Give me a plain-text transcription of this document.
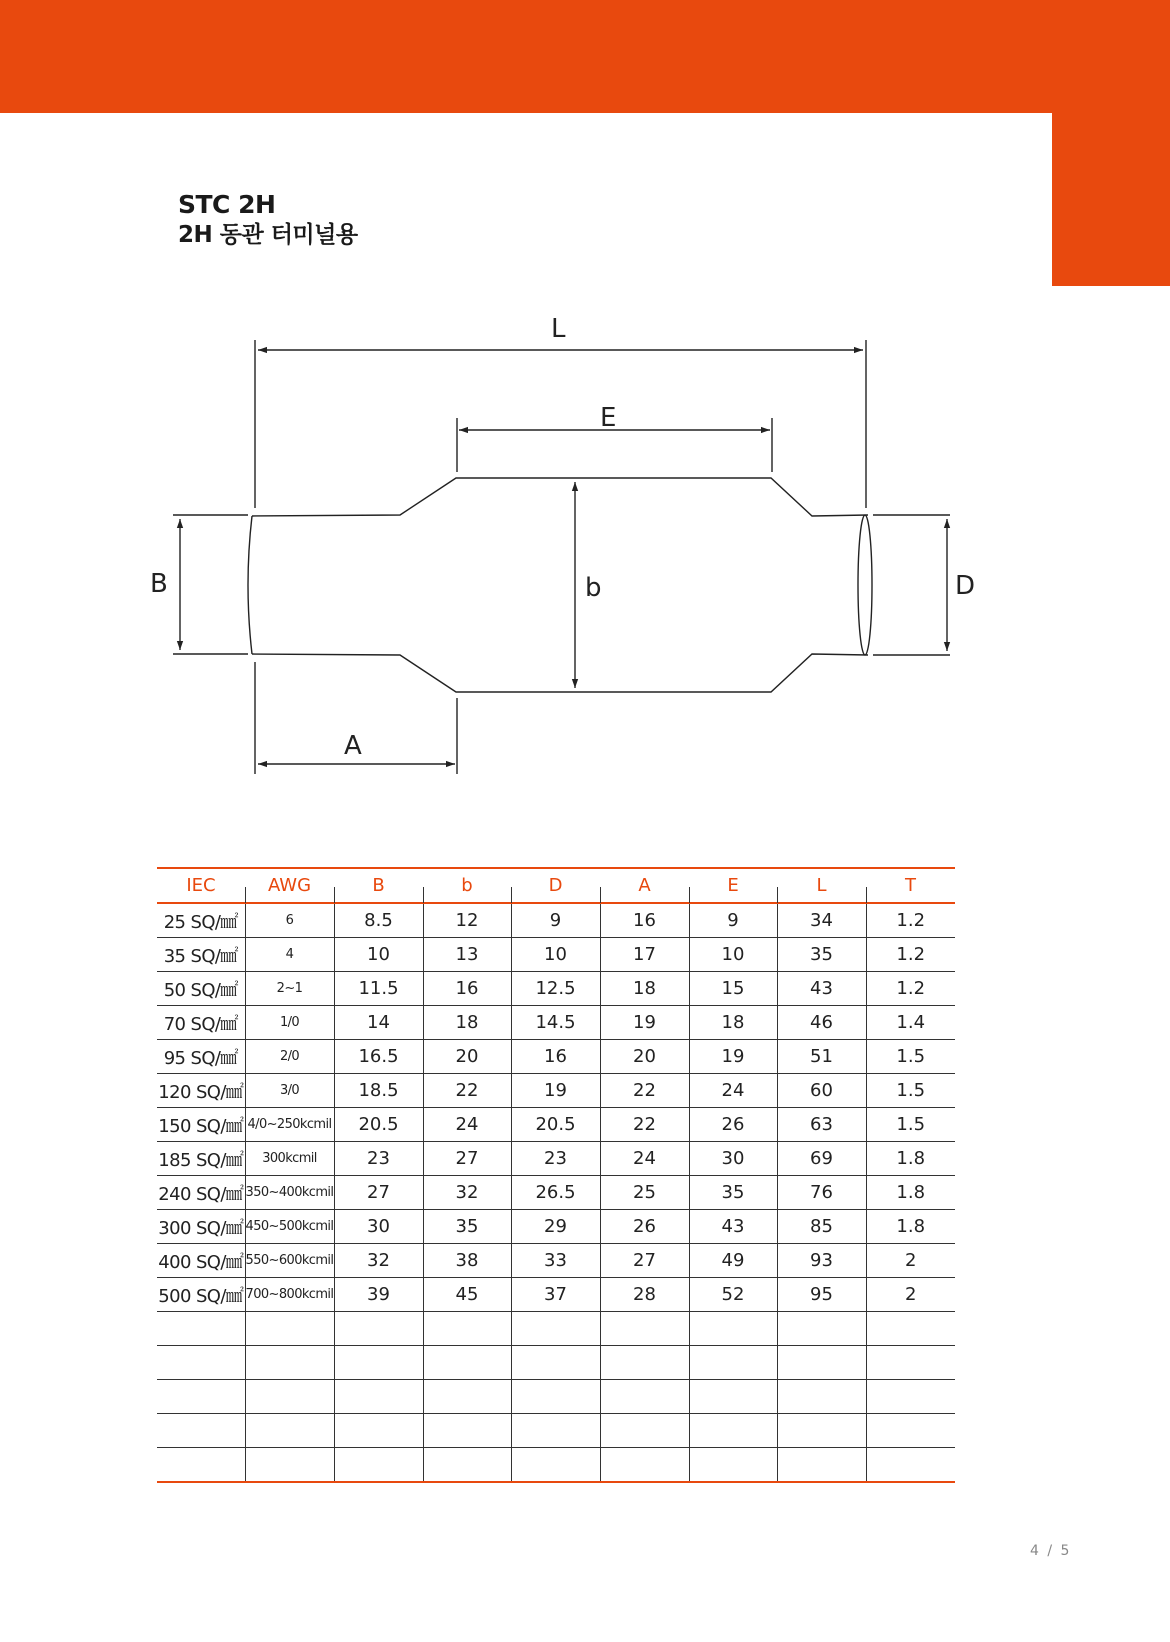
STC 2H
2H 동관 터미널용
L
E
B	b	D
A
IEC	AWG	B	b	D	A	E	L	T
25 SQ/㎟	6	8.5	12	9	16	9	34	1.2
35 SQ/㎟	4	10	13	10	17	10	35	1.2
50 SQ/㎟	2~1	11.5	16	12.5	18	15	43	1.2
70 SQ/㎟	1/0	14	18	14.5	19	18	46	1.4
95 SQ/㎟	2/0	16.5	20	16	20	19	51	1.5
120 SQ/㎟	3/0	18.5	22	19	22	24	60	1.5
150 SQ/㎟	4/0~250kcmil	20.5	24	20.5	22	26	63	1.5
185 SQ/㎟	300kcmil	23	27	23	24	30	69	1.8
240 SQ/㎟	350~400kcmil	27	32	26.5	25	35	76	1.8
300 SQ/㎟	450~500kcmil	30	35	29	26	43	85	1.8
400 SQ/㎟	550~600kcmil	32	38	33	27	49	93	2
500 SQ/㎟	700~800kcmil	39	45	37	28	52	95	2

4 / 5
